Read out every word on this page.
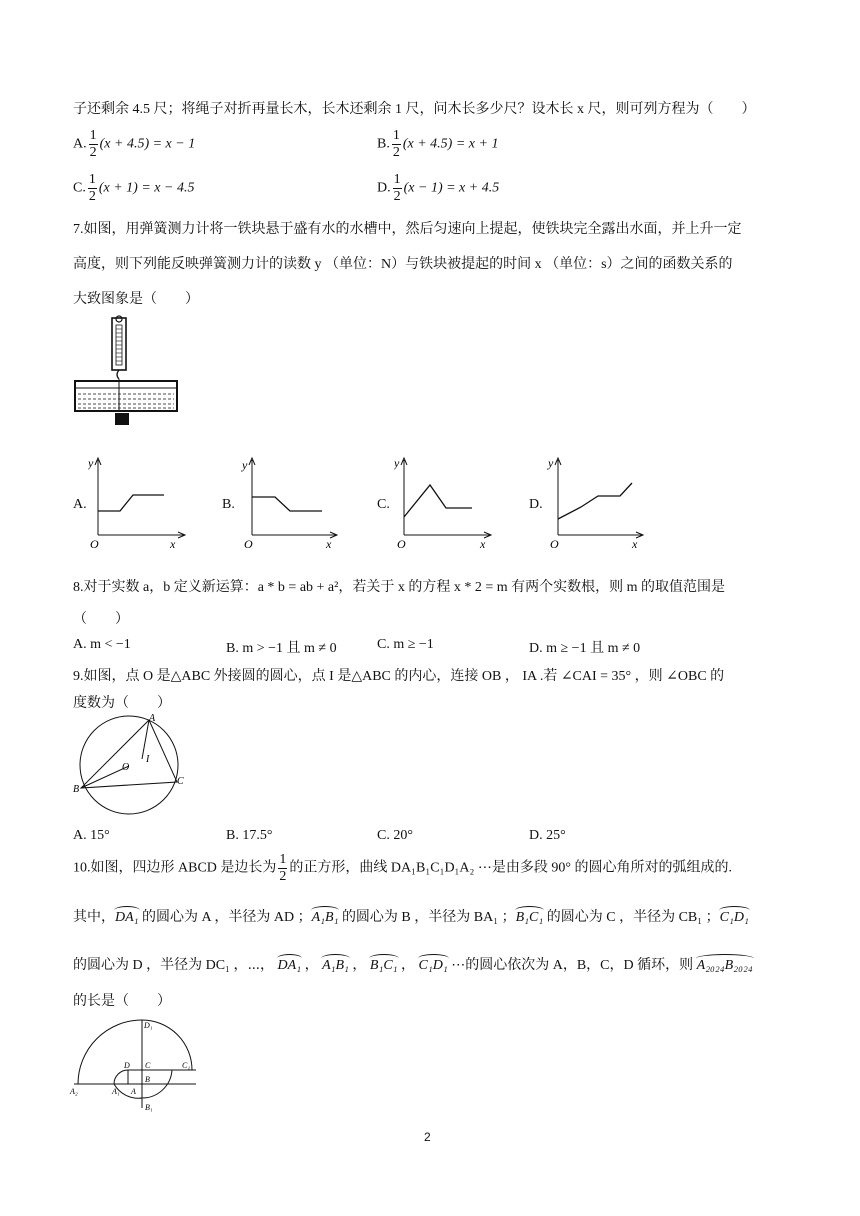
子还剩余 4.5 尺；将绳子对折再量长木，长木还剩余 1 尺，问木长多少尺？设木长 x 尺，则可列方程为（　　）
A. $\frac{1}{2} (x + 4.5) = x - 1$	B. $\frac{1}{2} (x + 4.5) = x + 1$
C. $\frac{1}{2} (x + 1) = x - 4.5$	D. $\frac{1}{2} (x - 1) = x + 4.5$
7.如图，用弹簧测力计将一铁块悬于盛有水的水槽中，然后匀速向上提起，使铁块完全露出水面，并上升一定
高度，则下列能反映弹簧测力计的读数 y （单位：N）与铁块被提起的时间 x （单位：s）之间的函数关系的
大致图象是（　　）
A.
y
x
O
B.
y
x
O
C.
y
x
O
D.
y
x
O
8.对于实数 a，b 定义新运算：a * b = ab + a²，若关于 x 的方程 x * 2 = m 有两个实数根，则 m 的取值范围是
（　　）
A. m < −1	B. m > −1 且 m ≠ 0	C. m ≥ −1	D. m ≥ −1 且 m ≠ 0
9.如图，点 O 是△ABC 外接圆的圆心，点 I 是△ABC 的内心，连接 OB ， IA .若 ∠CAI = 35° ，则 ∠OBC 的
度数为（　　）
A
B
C
O
I
A. 15°	B. 17.5°	C. 20°	D. 25°
10.如图，四边形 ABCD 是边长为 $\frac{1}{2}$ 的正方形，曲线 DA₁B₁C₁D₁A₂ ⋯是由多段 90° 的圆心角所对的弧组成的.
其中，DA₁ 的圆心为 A ，半径为 AD ；A₁B₁ 的圆心为 B ，半径为 BA₁ ；B₁C₁ 的圆心为 C ，半径为 CB₁ ；C₁D₁
的圆心为 D ，半径为 DC₁ ，⋯， DA₁ ， A₁B₁ ， B₁C₁ ， C₁D₁ ⋯的圆心依次为 A，B，C，D 循环，则 A₂₀₂₄B₂₀₂₄
的长是（　　）
D₁
D C	C₁
A₂	A₁ A
B
B₁
2
